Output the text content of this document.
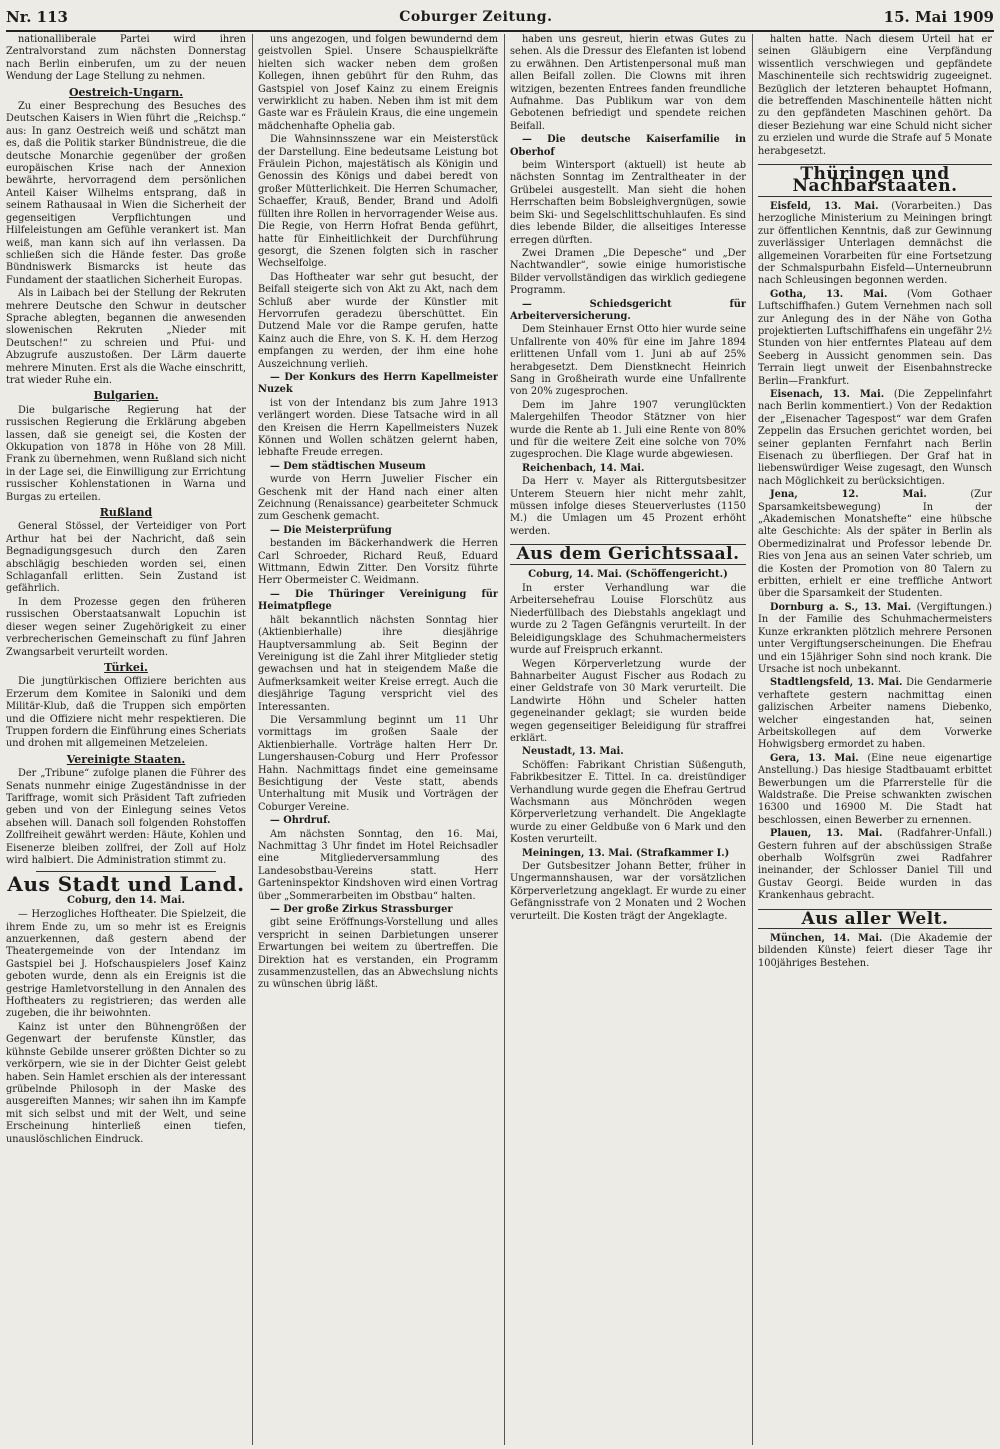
Nr. 113	Coburger Zeitung.	15. Mai 1909

nationalliberale Partei wird ihren Zentralvorstand zum nächsten Donnerstag nach Berlin einberufen, um zu der neuen Wendung der Lage Stellung zu nehmen.

Oestreich-Ungarn.

Zu einer Besprechung des Besuches des Deutschen Kaisers in Wien führt die „Reichsp.“ aus: In ganz Oestreich weiß und schätzt man es, daß die Politik starker Bündnistreue, die die deutsche Monarchie gegenüber der großen europäischen Krise nach der Annexion bewährte, hervorragend dem persönlichen Anteil Kaiser Wilhelms entsprang, daß in seinem Rathausaal in Wien die Sicherheit der gegenseitigen Verpflichtungen und Hilfeleistungen am Gefühle verankert ist. Man weiß, man kann sich auf ihn verlassen. Da schließen sich die Hände fester. Das große Bündniswerk Bismarcks ist heute das Fundament der staatlichen Sicherheit Europas.

Als in Laibach bei der Stellung der Rekruten mehrere Deutsche den Schwur in deutscher Sprache ablegten, begannen die anwesenden slowenischen Rekruten „Nieder mit Deutschen!“ zu schreien und Pfui- und Abzugrufe auszustoßen. Der Lärm dauerte mehrere Minuten. Erst als die Wache einschritt, trat wieder Ruhe ein.

Bulgarien.

Die bulgarische Regierung hat der russischen Regierung die Erklärung abgeben lassen, daß sie geneigt sei, die Kosten der Okkupation von 1878 in Höhe von 28 Mill. Frank zu übernehmen, wenn Rußland sich nicht in der Lage sei, die Einwilligung zur Errichtung russischer Kohlenstationen in Warna und Burgas zu erteilen.

Rußland

General Stössel, der Verteidiger von Port Arthur hat bei der Nachricht, daß sein Begnadigungsgesuch durch den Zaren abschlägig beschieden worden sei, einen Schlaganfall erlitten. Sein Zustand ist gefährlich.

In dem Prozesse gegen den früheren russischen Oberstaatsanwalt Lopuchin ist dieser wegen seiner Zugehörigkeit zu einer verbrecherischen Gemeinschaft zu fünf Jahren Zwangsarbeit verurteilt worden.

Türkei.

Die jungtürkischen Offiziere berichten aus Erzerum dem Komitee in Saloniki und dem Militär-Klub, daß die Truppen sich empörten und die Offiziere nicht mehr respektieren. Die Truppen fordern die Einführung eines Scheriats und drohen mit allgemeinen Metzeleien.

Vereinigte Staaten.

Der „Tribune“ zufolge planen die Führer des Senats nunmehr einige Zugeständnisse in der Tariffrage, womit sich Präsident Taft zufrieden geben und von der Einlegung seines Vetos absehen will. Danach soll folgenden Rohstoffen Zollfreiheit gewährt werden: Häute, Kohlen und Eisenerze bleiben zollfrei, der Zoll auf Holz wird halbiert. Die Administration stimmt zu.

Aus Stadt und Land.
Coburg, den 14. Mai.

— Herzogliches Hoftheater. Die Spielzeit, die ihrem Ende zu, um so mehr ist es Ereignis anzuerkennen, daß gestern abend der Theatergemeinde von der Intendanz im Gastspiel bei J. Hofschauspielers Josef Kainz geboten wurde, denn als ein Ereignis ist die gestrige Hamletvorstellung in den Annalen des Hoftheaters zu registrieren; das werden alle zugeben, die ihr beiwohnten.

Kainz ist unter den Bühnengrößen der Gegenwart der berufenste Künstler, das kühnste Gebilde unserer größten Dichter so zu verkörpern, wie sie in der Dichter Geist gelebt haben. Sein Hamlet erschien als der interessant grübelnde Philosoph in der Maske des ausgereiften Mannes; wir sahen ihn im Kampfe mit sich selbst und mit der Welt, und seine Erscheinung hinterließ einen tiefen, unauslöschlichen Eindruck.

uns angezogen, und folgen bewundernd dem geistvollen Spiel. Unsere Schauspielkräfte hielten sich wacker neben dem großen Kollegen, ihnen gebührt für den Ruhm, das Gastspiel von Josef Kainz zu einem Ereignis verwirklicht zu haben. Neben ihm ist mit dem Gaste war es Fräulein Kraus, die eine ungemein mädchenhafte Ophelia gab.

Die Wahnsinnsszene war ein Meisterstück der Darstellung. Eine bedeutsame Leistung bot Fräulein Pichon, majestätisch als Königin und Genossin des Königs und dabei beredt von großer Mütterlichkeit. Die Herren Schumacher, Schaeffer, Krauß, Bender, Brand und Adolfi füllten ihre Rollen in hervorragender Weise aus. Die Regie, von Herrn Hofrat Benda geführt, hatte für Einheitlichkeit der Durchführung gesorgt, die Szenen folgten sich in rascher Wechselfolge.

Das Hoftheater war sehr gut besucht, der Beifall steigerte sich von Akt zu Akt, nach dem Schluß aber wurde der Künstler mit Hervorrufen geradezu überschüttet. Ein Dutzend Male vor die Rampe gerufen, hatte Kainz auch die Ehre, von S. K. H. dem Herzog empfangen zu werden, der ihm eine hohe Auszeichnung verlieh.

— Der Konkurs des Herrn Kapellmeister Nuzek

ist von der Intendanz bis zum Jahre 1913 verlängert worden. Diese Tatsache wird in all den Kreisen die Herrn Kapellmeisters Nuzek Können und Wollen schätzen gelernt haben, lebhafte Freude erregen.

— Dem städtischen Museum

wurde von Herrn Juwelier Fischer ein Geschenk mit der Hand nach einer alten Zeichnung (Renaissance) gearbeiteter Schmuck zum Geschenk gemacht.

— Die Meisterprüfung

bestanden im Bäckerhandwerk die Herren Carl Schroeder, Richard Reuß, Eduard Wittmann, Edwin Zitter. Den Vorsitz führte Herr Obermeister C. Weidmann.

— Die Thüringer Vereinigung für Heimatpflege

hält bekanntlich nächsten Sonntag hier (Aktienbierhalle) ihre diesjährige Hauptversammlung ab. Seit Beginn der Vereinigung ist die Zahl ihrer Mitglieder stetig gewachsen und hat in steigendem Maße die Aufmerksamkeit weiter Kreise erregt. Auch die diesjährige Tagung verspricht viel des Interessanten.

Die Versammlung beginnt um 11 Uhr vormittags im großen Saale der Aktienbierhalle. Vorträge halten Herr Dr. Lungershausen-Coburg und Herr Professor Hahn. Nachmittags findet eine gemeinsame Besichtigung der Veste statt, abends Unterhaltung mit Musik und Vorträgen der Coburger Vereine.

— Ohrdruf.

Am nächsten Sonntag, den 16. Mai, Nachmittag 3 Uhr findet im Hotel Reichsadler eine Mitgliederversammlung des Landesobstbau-Vereins statt. Herr Garteninspektor Kindshoven wird einen Vortrag über „Sommerarbeiten im Obstbau“ halten.

— Der große Zirkus Strassburger

gibt seine Eröffnungs-Vorstellung und alles verspricht in seinen Darbietungen unserer Erwartungen bei weitem zu übertreffen. Die Direktion hat es verstanden, ein Programm zusammenzustellen, das an Abwechslung nichts zu wünschen übrig läßt.

haben uns gesreut, hierin etwas Gutes zu sehen. Als die Dressur des Elefanten ist lobend zu erwähnen. Den Artistenpersonal muß man allen Beifall zollen. Die Clowns mit ihren witzigen, bezenten Entrees fanden freundliche Aufnahme. Das Publikum war von dem Gebotenen befriedigt und spendete reichen Beifall.

— Die deutsche Kaiserfamilie in Oberhof

beim Wintersport (aktuell) ist heute ab nächsten Sonntag im Zentraltheater in der Grübelei ausgestellt. Man sieht die hohen Herrschaften beim Bobsleighvergnügen, sowie beim Ski- und Segelschlittschuhlaufen. Es sind dies lebende Bilder, die allseitiges Interesse erregen dürften.

Zwei Dramen „Die Depesche“ und „Der Nachtwandler“, sowie einige humoristische Bilder vervollständigen das wirklich gediegene Programm.

— Schiedsgericht für Arbeiterversicherung.

Dem Steinhauer Ernst Otto hier wurde seine Unfallrente von 40% für eine im Jahre 1894 erlittenen Unfall vom 1. Juni ab auf 25% herabgesetzt. Dem Dienstknecht Heinrich Sang in Großheirath wurde eine Unfallrente von 20% zugesprochen.

Dem im Jahre 1907 verunglückten Malergehilfen Theodor Stätzner von hier wurde die Rente ab 1. Juli eine Rente von 80% und für die weitere Zeit eine solche von 70% zugesprochen. Die Klage wurde abgewiesen.

Reichenbach, 14. Mai.

Da Herr v. Mayer als Rittergutsbesitzer Unterem Steuern hier nicht mehr zahlt, müssen infolge dieses Steuerverlustes (1150 M.) die Umlagen um 45 Prozent erhöht werden.

Aus dem Gerichtssaal.
Coburg, 14. Mai. (Schöffengericht.)

In erster Verhandlung war die Arbeitersehefrau Louise Florschütz aus Niederfüllbach des Diebstahls angeklagt und wurde zu 2 Tagen Gefängnis verurteilt. In der Beleidigungsklage des Schuhmachermeisters wurde auf Freispruch erkannt.

Wegen Körperverletzung wurde der Bahnarbeiter August Fischer aus Rodach zu einer Geldstrafe von 30 Mark verurteilt. Die Landwirte Höhn und Scheler hatten gegeneinander geklagt; sie wurden beide wegen gegenseitiger Beleidigung für straffrei erklärt.

Neustadt, 13. Mai.

Schöffen: Fabrikant Christian Süßenguth, Fabrikbesitzer E. Tittel. In ca. dreistündiger Verhandlung wurde gegen die Ehefrau Gertrud Wachsmann aus Mönchröden wegen Körperverletzung verhandelt. Die Angeklagte wurde zu einer Geldbuße von 6 Mark und den Kosten verurteilt.

Meiningen, 13. Mai. (Strafkammer I.)

Der Gutsbesitzer Johann Better, früher in Ungermannshausen, war der vorsätzlichen Körperverletzung angeklagt. Er wurde zu einer Gefängnisstrafe von 2 Monaten und 2 Wochen verurteilt. Die Kosten trägt der Angeklagte.

halten hatte. Nach diesem Urteil hat er seinen Gläubigern eine Verpfändung wissentlich verschwiegen und gepfändete Maschinenteile sich rechtswidrig zugeeignet. Bezüglich der letzteren behauptet Hofmann, die betreffenden Maschinenteile hätten nicht zu den gepfändeten Maschinen gehört. Da dieser Beziehung war eine Schuld nicht sicher zu erzielen und wurde die Strafe auf 5 Monate herabgesetzt.

Thüringen und Nachbarstaaten.

Eisfeld, 13. Mai. (Vorarbeiten.) Das herzogliche Ministerium zu Meiningen bringt zur öffentlichen Kenntnis, daß zur Gewinnung zuverlässiger Unterlagen demnächst die allgemeinen Vorarbeiten für eine Fortsetzung der Schmalspurbahn Eisfeld—Unterneubrunn nach Schleusingen begonnen werden.

Gotha, 13. Mai. (Vom Gothaer Luftschiffhafen.) Gutem Vernehmen nach soll zur Anlegung des in der Nähe von Gotha projektierten Luftschiffhafens ein ungefähr 2½ Stunden von hier entferntes Plateau auf dem Seeberg in Aussicht genommen sein. Das Terrain liegt unweit der Eisenbahnstrecke Berlin—Frankfurt.

Eisenach, 13. Mai. (Die Zeppelinfahrt nach Berlin kommentiert.) Von der Redaktion der „Eisenacher Tagespost“ war dem Grafen Zeppelin das Ersuchen gerichtet worden, bei seiner geplanten Fernfahrt nach Berlin Eisenach zu überfliegen. Der Graf hat in liebenswürdiger Weise zugesagt, den Wunsch nach Möglichkeit zu berücksichtigen.

Jena, 12. Mai.	(Zur Sparsamkeitsbewegung) In der „Akademischen Monatshefte“ eine hübsche alte Geschichte: Als der später in Berlin als Obermedizinalrat und Professor lebende Dr. Ries von Jena aus an seinen Vater schrieb, um die Kosten der Promotion von 80 Talern zu erbitten, erhielt er eine treffliche Antwort über die Sparsamkeit der Studenten.

Dornburg a. S., 13. Mai. (Vergiftungen.) In der Familie des Schuhmachermeisters Kunze erkrankten plötzlich mehrere Personen unter Vergiftungserscheinungen. Die Ehefrau und ein 15jähriger Sohn sind noch krank. Die Ursache ist noch unbekannt.

Stadtlengsfeld, 13. Mai. Die Gendarmerie verhaftete gestern nachmittag einen galizischen Arbeiter namens Diebenko, welcher eingestanden hat, seinen Arbeitskollegen auf dem Vorwerke Hohwigsberg ermordet zu haben.

Gera, 13. Mai. (Eine neue eigenartige Anstellung.) Das hiesige Stadtbauamt erbittet Bewerbungen um die Pfarrerstelle für die Waldstraße. Die Preise schwankten zwischen 16300 und 16900 M. Die Stadt hat beschlossen, einen Bewerber zu ernennen.

Plauen, 13. Mai. (Radfahrer-Unfall.) Gestern fuhren auf der abschüssigen Straße oberhalb Wolfsgrün zwei Radfahrer ineinander, der Schlosser Daniel Till und Gustav Georgi. Beide wurden in das Krankenhaus gebracht.

Aus aller Welt.

München, 14. Mai. (Die Akademie der bildenden Künste) feiert dieser Tage ihr 100jähriges Bestehen.
